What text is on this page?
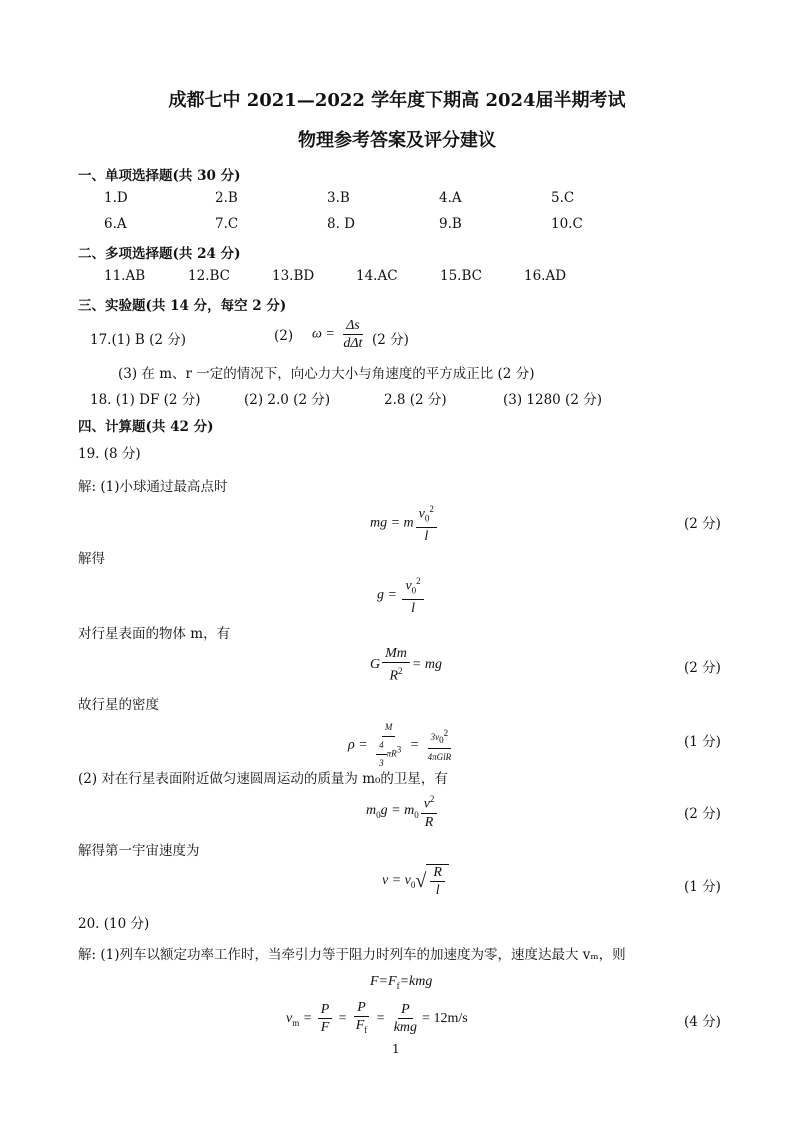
成都七中 2021—2022 学年度下期高 2024届半期考试
物理参考答案及评分建议
一、单项选择题(共 30 分)
1.D	2.B	3.B	4.A	5.C
6.A	7.C	8. D	9.B	10.C
二、多项选择题(共 24 分)
11.AB	12.BC	13.BD	14.AC	15.BC	16.AD
三、实验题(共 14 分，每空 2 分)
17.(1) B (2 分)	(2) $\omega = \frac{\Delta s}{\text{dΔt}} (2$ 分)
(3) 在 m、r 一定的情况下，向心力大小与角速度的平方成正比 (2 分)
18. (1) DF (2 分)	(2) 2.0 (2 分)	2.8 (2 分)	(3) 1280 (2 分)
四、计算题(共 42 分)
19. (8 分)
解: (1)小球通过最高点时
mg = m $\frac{v_0^2}{l}$	(2 分)
解得
$g = \frac{v_0^2}{l}$
对行星表面的物体 m，有
G $\frac{Mm}{R^2}$ = mg	(2 分)
故行星的密度
$\rho = \frac{M}{\frac{4}{3} \pi R^3} = \frac{3v_0^2}{\text{4πGlR}}$	(1 分)
(2) 对在行星表面附近做匀速圆周运动的质量为 m₀的卫星，有
$m_0g = m_0 \frac{v^2}{R}$	(2 分)
解得第一宇宙速度为
$v = v_0$ √ $\frac{R}{l}$	(1 分)
20. (10 分)
解: (1)列车以额定功率工作时，当牵引力等于阻力时列车的加速度为零，速度达最大 vₘ，则
$F=F_f=kmg$
$v_m = \frac{P}{F} = \frac{P}{F_f} = \frac{P}{\text{kmg}} = 12m/s$	(4 分)
1
